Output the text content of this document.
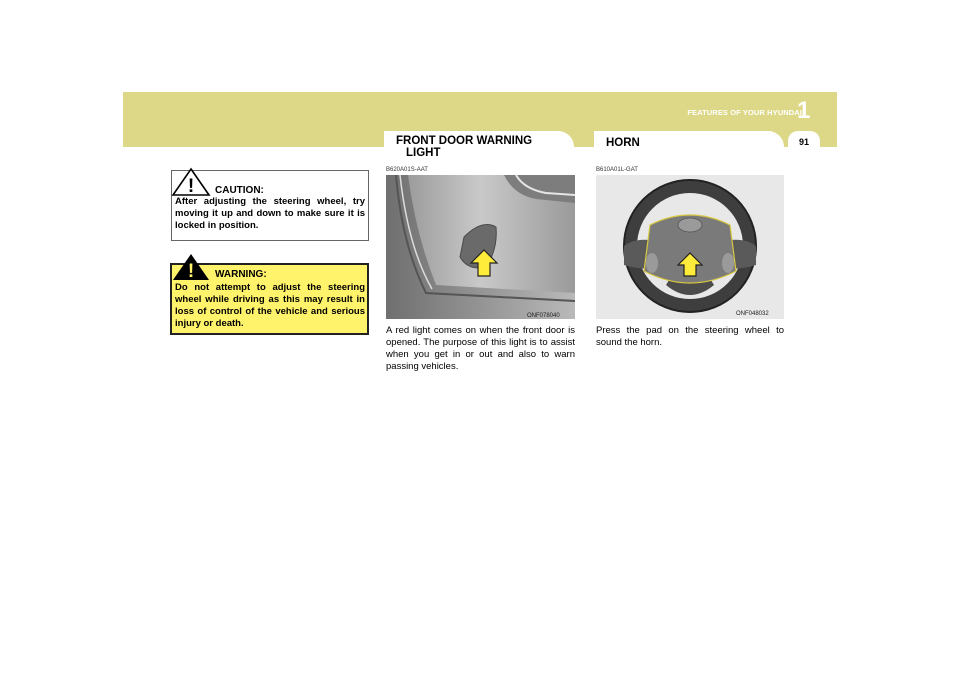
FEATURES OF YOUR HYUNDAI
1
91
! CAUTION:
After adjusting the steering wheel, try moving it up and down to make sure it is locked in position.
! WARNING:
Do not attempt to adjust the steering wheel while driving as this may result in loss of control of the vehicle and serious injury or death.
FRONT DOOR WARNING
LIGHT
B620A01S-AAT
ONF078040
A red light comes on when the front door is opened. The purpose of this light is to assist when you get in or out and also to warn passing vehicles.
HORN
B610A01L-GAT
ONF048032
Press the pad on the steering wheel to sound the horn.
